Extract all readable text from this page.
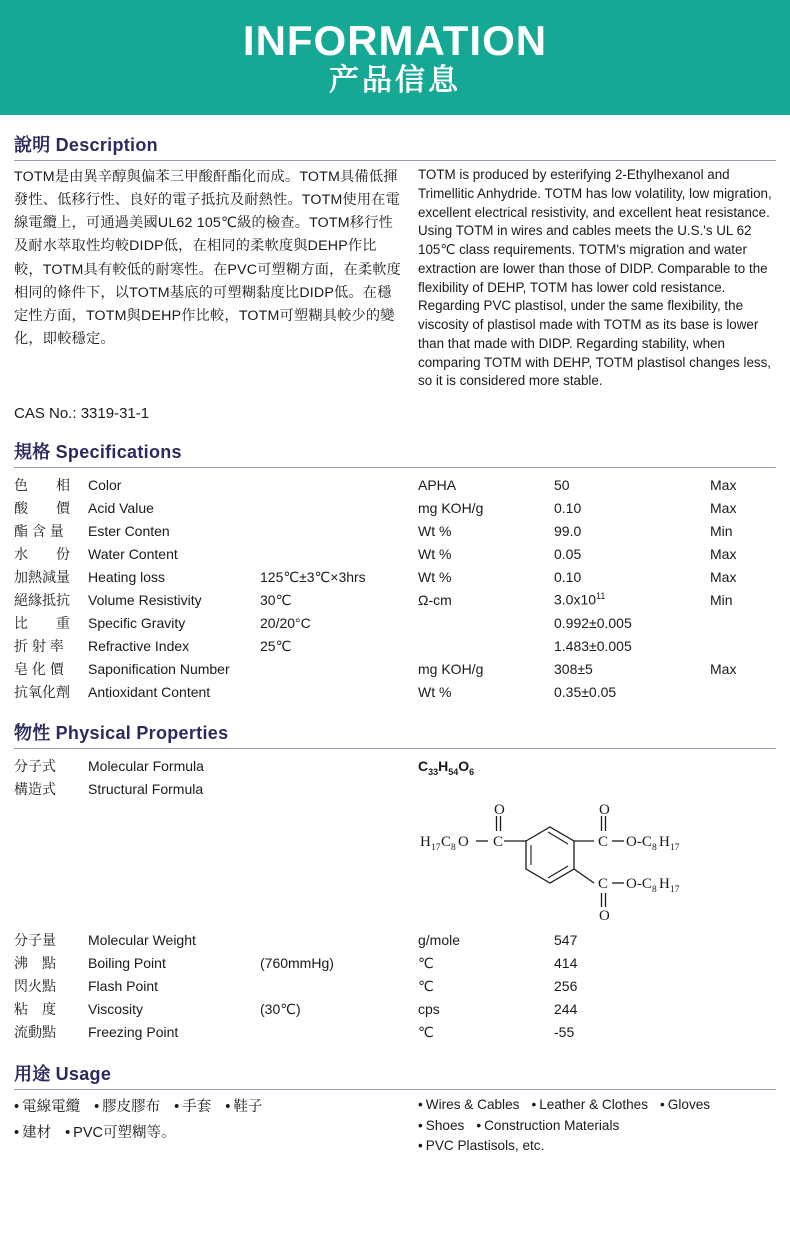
INFORMATION
产品信息
說明 Description
TOTM是由異辛醇與偏苯三甲酸酐酯化而成。TOTM具備低揮發性、低移行性、良好的電子抵抗及耐熱性。TOTM使用在電線電纜上，可通過美國UL62 105℃級的檢查。TOTM移行性及耐水萃取性均較DIDP低，在相同的柔軟度與DEHP作比較，TOTM具有較低的耐寒性。在PVC可塑糊方面，在柔軟度相同的條件下，以TOTM基底的可塑糊黏度比DIDP低。在穩定性方面，TOTM與DEHP作比較，TOTM可塑糊具較少的變化，即較穩定。
TOTM is produced by esterifying 2-Ethylhexanol and Trimellitic Anhydride. TOTM has low volatility, low migration, excellent electrical resistivity, and excellent heat resistance. Using TOTM in wires and cables meets the U.S.'s UL 62 105℃ class requirements. TOTM's migration and water extraction are lower than those of DIDP. Comparable to the flexibility of DEHP, TOTM has lower cold resistance. Regarding PVC plastisol, under the same flexibility, the viscosity of plastisol made with TOTM as its base is lower than that made with DIDP. Regarding stability, when comparing TOTM with DEHP, TOTM plastisol changes less, so it is considered more stable.
CAS No.: 3319-31-1
規格 Specifications
色　　相	Color		APHA	50	Max
酸　　價	Acid Value		mg KOH/g	0.10	Max
酯 含 量	Ester Conten		Wt %	99.0	Min
水　　份	Water Content		Wt %	0.05	Max
加熱減量	Heating loss	125℃±3℃×3hrs	Wt %	0.10	Max
絕緣抵抗	Volume Resistivity	30℃	Ω-cm	$3.0x10^{11}$	Min
比　　重	Specific Gravity	20/20°C		0.992±0.005	
折 射 率	Refractive Index	25℃		1.483±0.005	
皂 化 價	Saponification Number		mg KOH/g	308±5	Max
抗氧化劑	Antioxidant Content		Wt %	0.35±0.05	
物性 Physical Properties
分子式	Molecular Formula		$C_{33}H_{54}O_6$
構造式	Structural Formula		
H 17 C 8 O
O
C
O
C O-C 8 H 17
C O-C 8 H 17
O
分子量	Molecular Weight		g/mole	547	
沸　點	Boiling Point	(760mmHg)	℃	414	
閃火點	Flash Point		℃	256	
粘　度	Viscosity	(30℃)	cps	244	
流動點	Freezing Point		℃	-55	
用途 Usage
• 電線電纜 • 膠皮膠布 • 手套 • 鞋子
• 建材 • PVC可塑糊等。
• Wires & Cables • Leather & Clothes • Gloves
• Shoes • Construction Materials
• PVC Plastisols, etc.
